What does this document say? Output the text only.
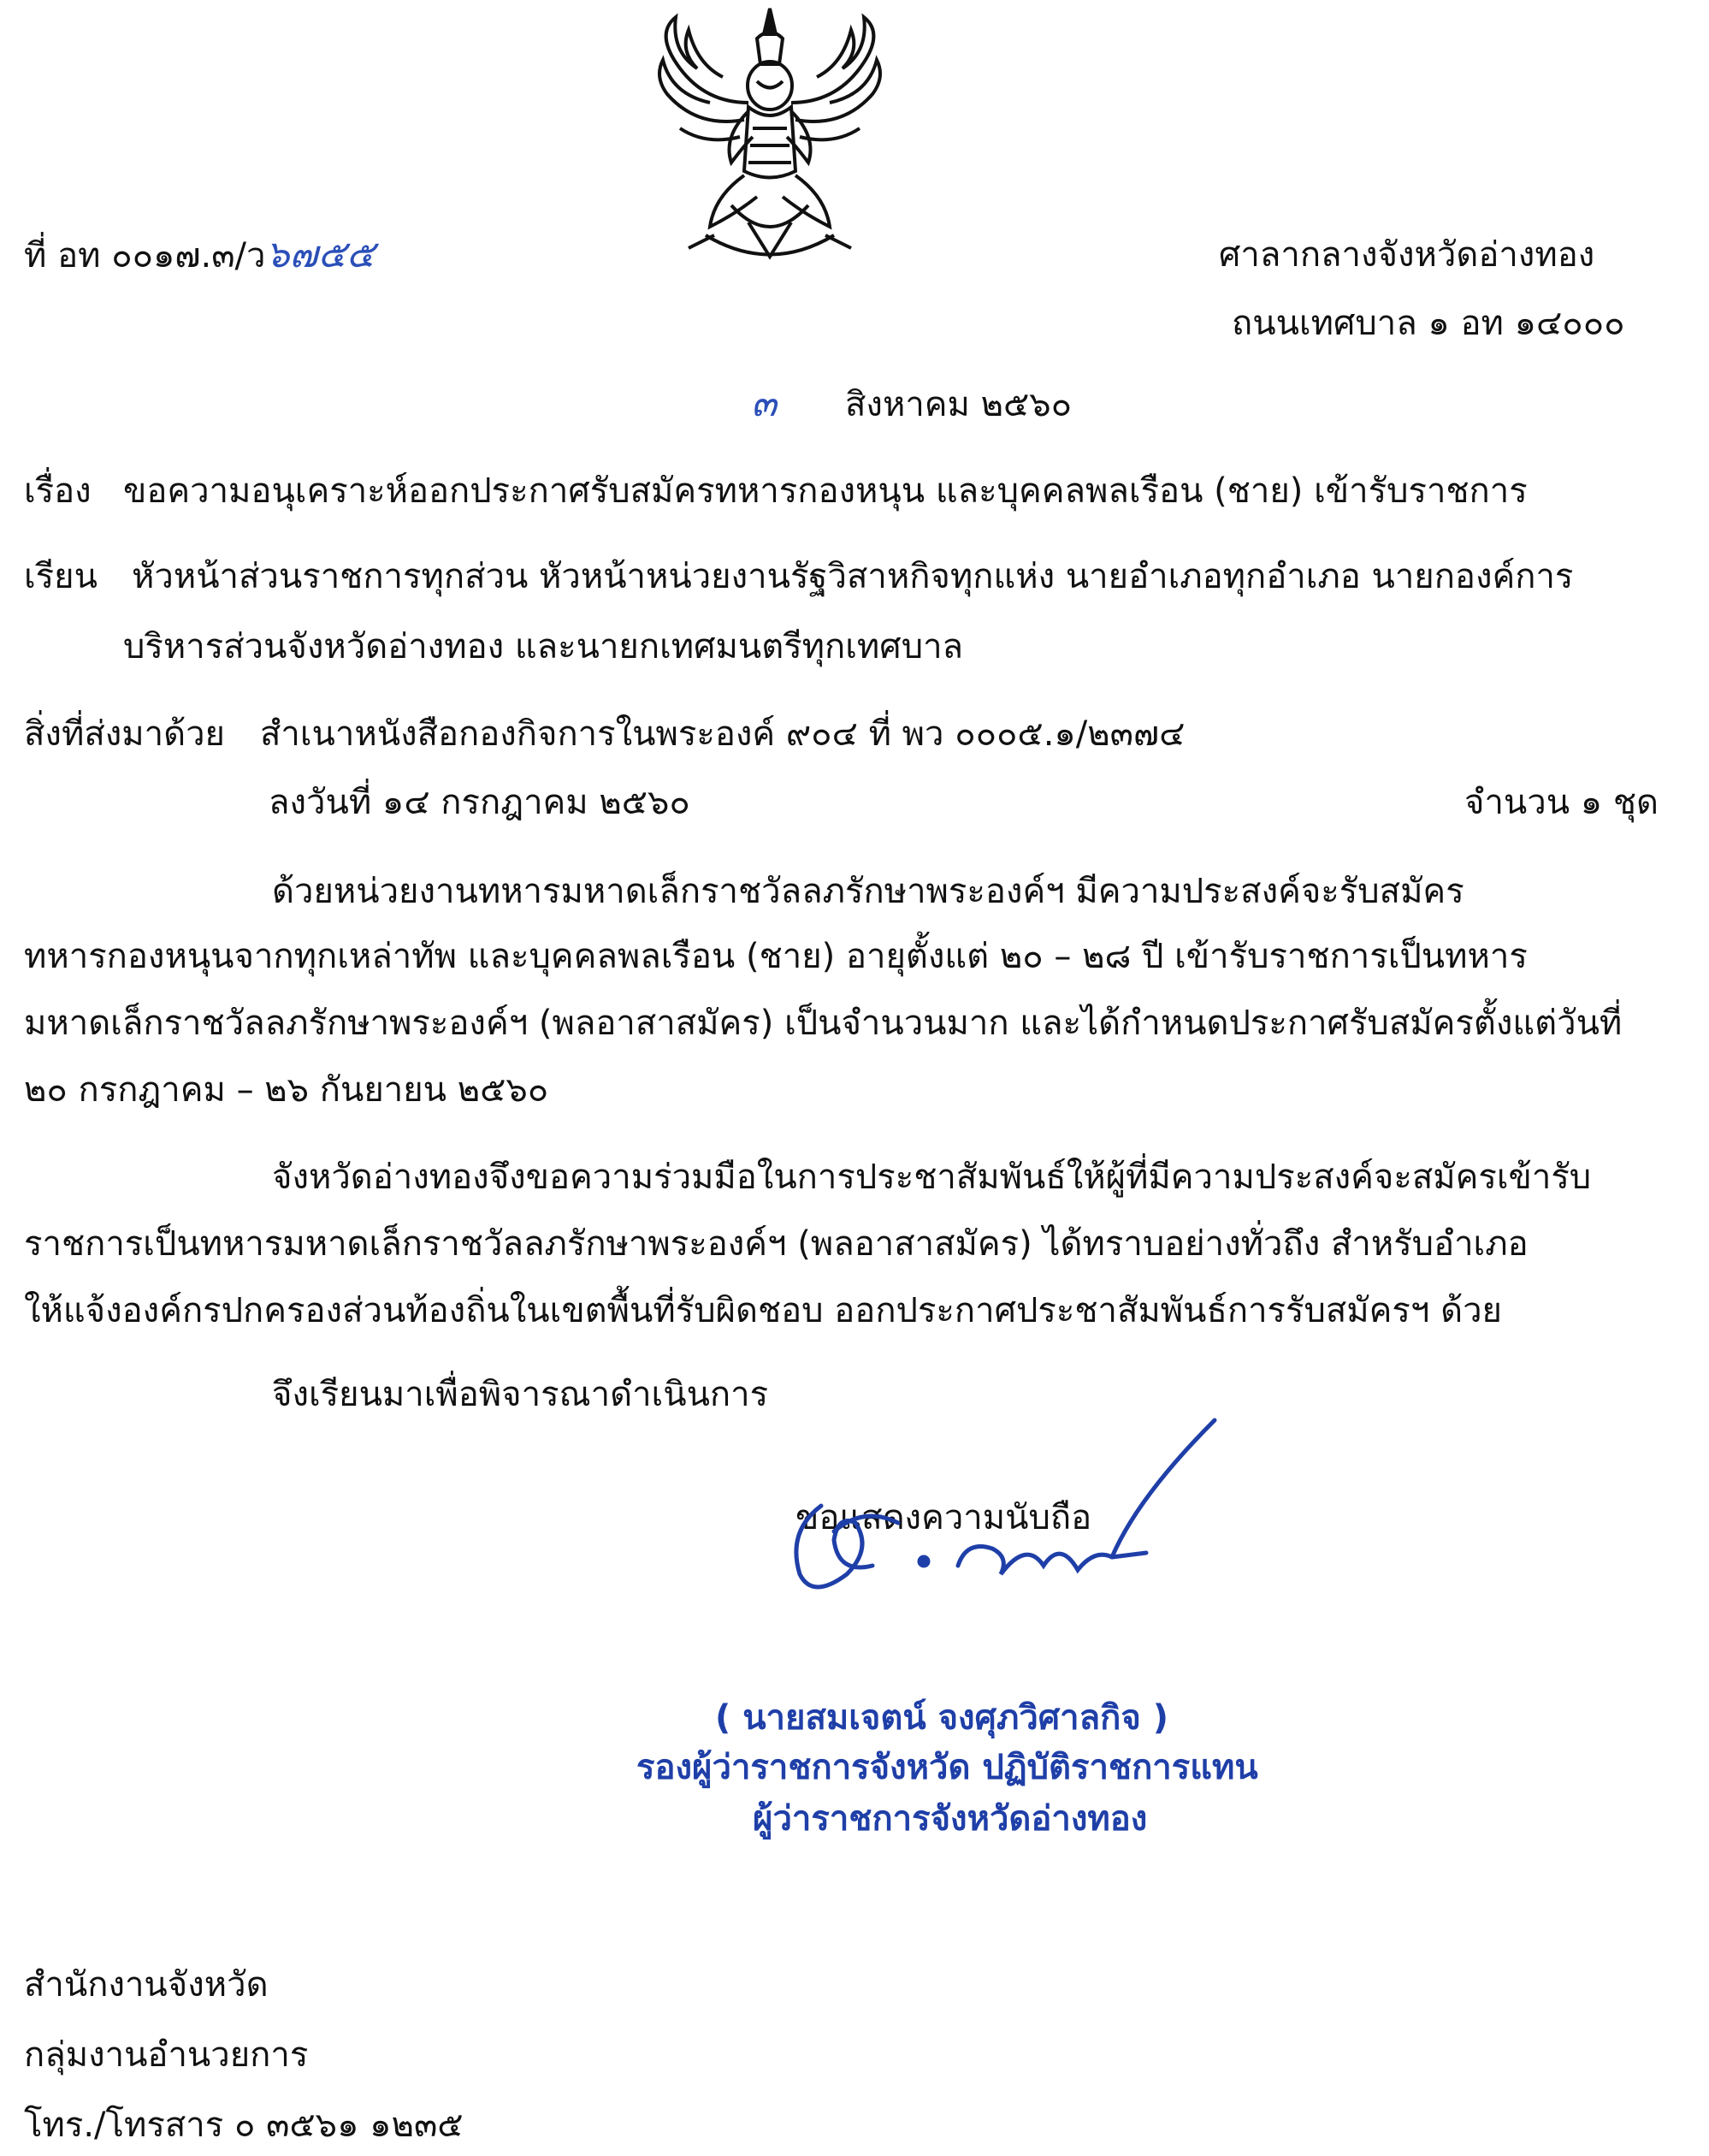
ที่ อท ๐๐๑๗.๓/ว๖๗๕๕	ศาลากลางจังหวัดอ่างทอง
ถนนเทศบาล ๑ อท ๑๔๐๐๐
๓ สิงหาคม ๒๕๖๐
เรื่อง ขอความอนุเคราะห์ออกประกาศรับสมัครทหารกองหนุน และบุคคลพลเรือน (ชาย) เข้ารับราชการ
เรียน หัวหน้าส่วนราชการทุกส่วน หัวหน้าหน่วยงานรัฐวิสาหกิจทุกแห่ง นายอำเภอทุกอำเภอ นายกองค์การ
บริหารส่วนจังหวัดอ่างทอง และนายกเทศมนตรีทุกเทศบาล
สิ่งที่ส่งมาด้วย สำเนาหนังสือกองกิจการในพระองค์ ๙๐๔ ที่ พว ๐๐๐๕.๑/๒๓๗๔
ลงวันที่ ๑๔ กรกฎาคม ๒๕๖๐	จำนวน ๑ ชุด
ด้วยหน่วยงานทหารมหาดเล็กราชวัลลภรักษาพระองค์ฯ มีความประสงค์จะรับสมัคร
ทหารกองหนุนจากทุกเหล่าทัพ และบุคคลพลเรือน (ชาย) อายุตั้งแต่ ๒๐ – ๒๘ ปี เข้ารับราชการเป็นทหาร
มหาดเล็กราชวัลลภรักษาพระองค์ฯ (พลอาสาสมัคร) เป็นจำนวนมาก และได้กำหนดประกาศรับสมัครตั้งแต่วันที่
๒๐ กรกฎาคม – ๒๖ กันยายน ๒๕๖๐
จังหวัดอ่างทองจึงขอความร่วมมือในการประชาสัมพันธ์ให้ผู้ที่มีความประสงค์จะสมัครเข้ารับ
ราชการเป็นทหารมหาดเล็กราชวัลลภรักษาพระองค์ฯ (พลอาสาสมัคร) ได้ทราบอย่างทั่วถึง สำหรับอำเภอ
ให้แจ้งองค์กรปกครองส่วนท้องถิ่นในเขตพื้นที่รับผิดชอบ ออกประกาศประชาสัมพันธ์การรับสมัครฯ ด้วย
จึงเรียนมาเพื่อพิจารณาดำเนินการ
ขอแสดงความนับถือ
( นายสมเจตน์ จงศุภวิศาลกิจ )
รองผู้ว่าราชการจังหวัด ปฏิบัติราชการแทน
ผู้ว่าราชการจังหวัดอ่างทอง
สำนักงานจังหวัด
กลุ่มงานอำนวยการ
โทร./โทรสาร ๐ ๓๕๖๑ ๑๒๓๕
